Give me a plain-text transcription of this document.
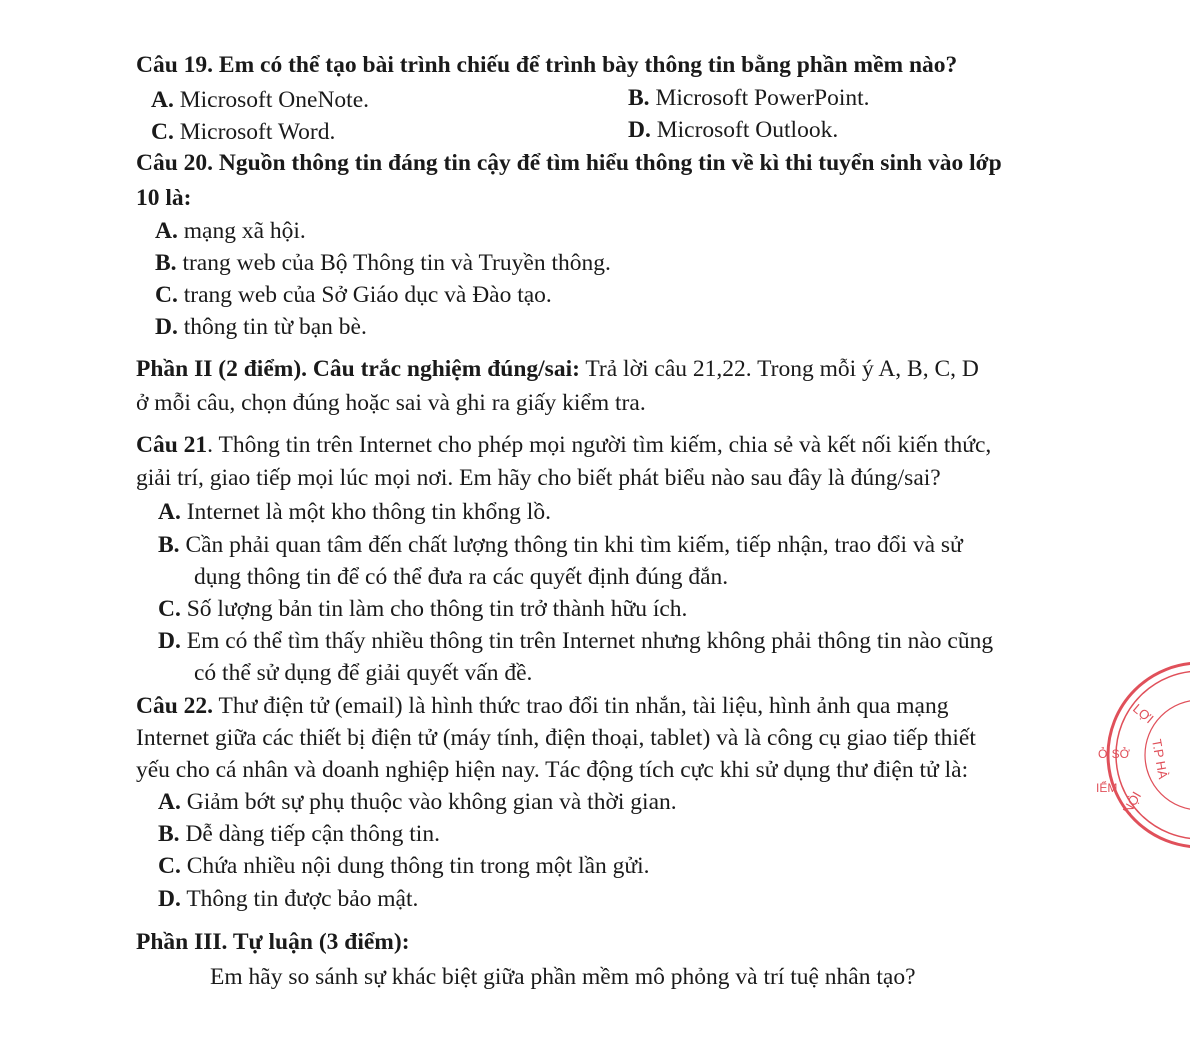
Câu 19. Em có thể tạo bài trình chiếu để trình bày thông tin bằng phần mềm nào?
A. Microsoft OneNote.	B. Microsoft PowerPoint.
C. Microsoft Word.	D. Microsoft Outlook.
Câu 20. Nguồn thông tin đáng tin cậy để tìm hiểu thông tin về kì thi tuyển sinh vào lớp
10 là:
A. mạng xã hội.
B. trang web của Bộ Thông tin và Truyền thông.
C. trang web của Sở Giáo dục và Đào tạo.
D. thông tin từ bạn bè.
Phần II (2 điểm). Câu trắc nghiệm đúng/sai: Trả lời câu 21,22. Trong mỗi ý A, B, C, D
ở mỗi câu, chọn đúng hoặc sai và ghi ra giấy kiểm tra.
Câu 21. Thông tin trên Internet cho phép mọi người tìm kiếm, chia sẻ và kết nối kiến thức,
giải trí, giao tiếp mọi lúc mọi nơi. Em hãy cho biết phát biểu nào sau đây là đúng/sai?
A. Internet là một kho thông tin khổng lồ.
B. Cần phải quan tâm đến chất lượng thông tin khi tìm kiếm, tiếp nhận, trao đổi và sử
dụng thông tin để có thể đưa ra các quyết định đúng đắn.
C. Số lượng bản tin làm cho thông tin trở thành hữu ích.
D. Em có thể tìm thấy nhiều thông tin trên Internet nhưng không phải thông tin nào cũng
có thể sử dụng để giải quyết vấn đề.
Câu 22. Thư điện tử (email) là hình thức trao đổi tin nhắn, tài liệu, hình ảnh qua mạng
Internet giữa các thiết bị điện tử (máy tính, điện thoại, tablet) và là công cụ giao tiếp thiết
yếu cho cá nhân và doanh nghiệp hiện nay. Tác động tích cực khi sử dụng thư điện tử là:
A. Giảm bớt sự phụ thuộc vào không gian và thời gian.
B. Dễ dàng tiếp cận thông tin.
C. Chứa nhiều nội dung thông tin trong một lần gửi.
D. Thông tin được bảo mật.
Phần III. Tự luận (3 điểm):
Em hãy so sánh sự khác biệt giữa phần mềm mô phỏng và trí tuệ nhân tạo?
LỢI
T.P HÀ
NỘI
Ở SỞ
IỂM
